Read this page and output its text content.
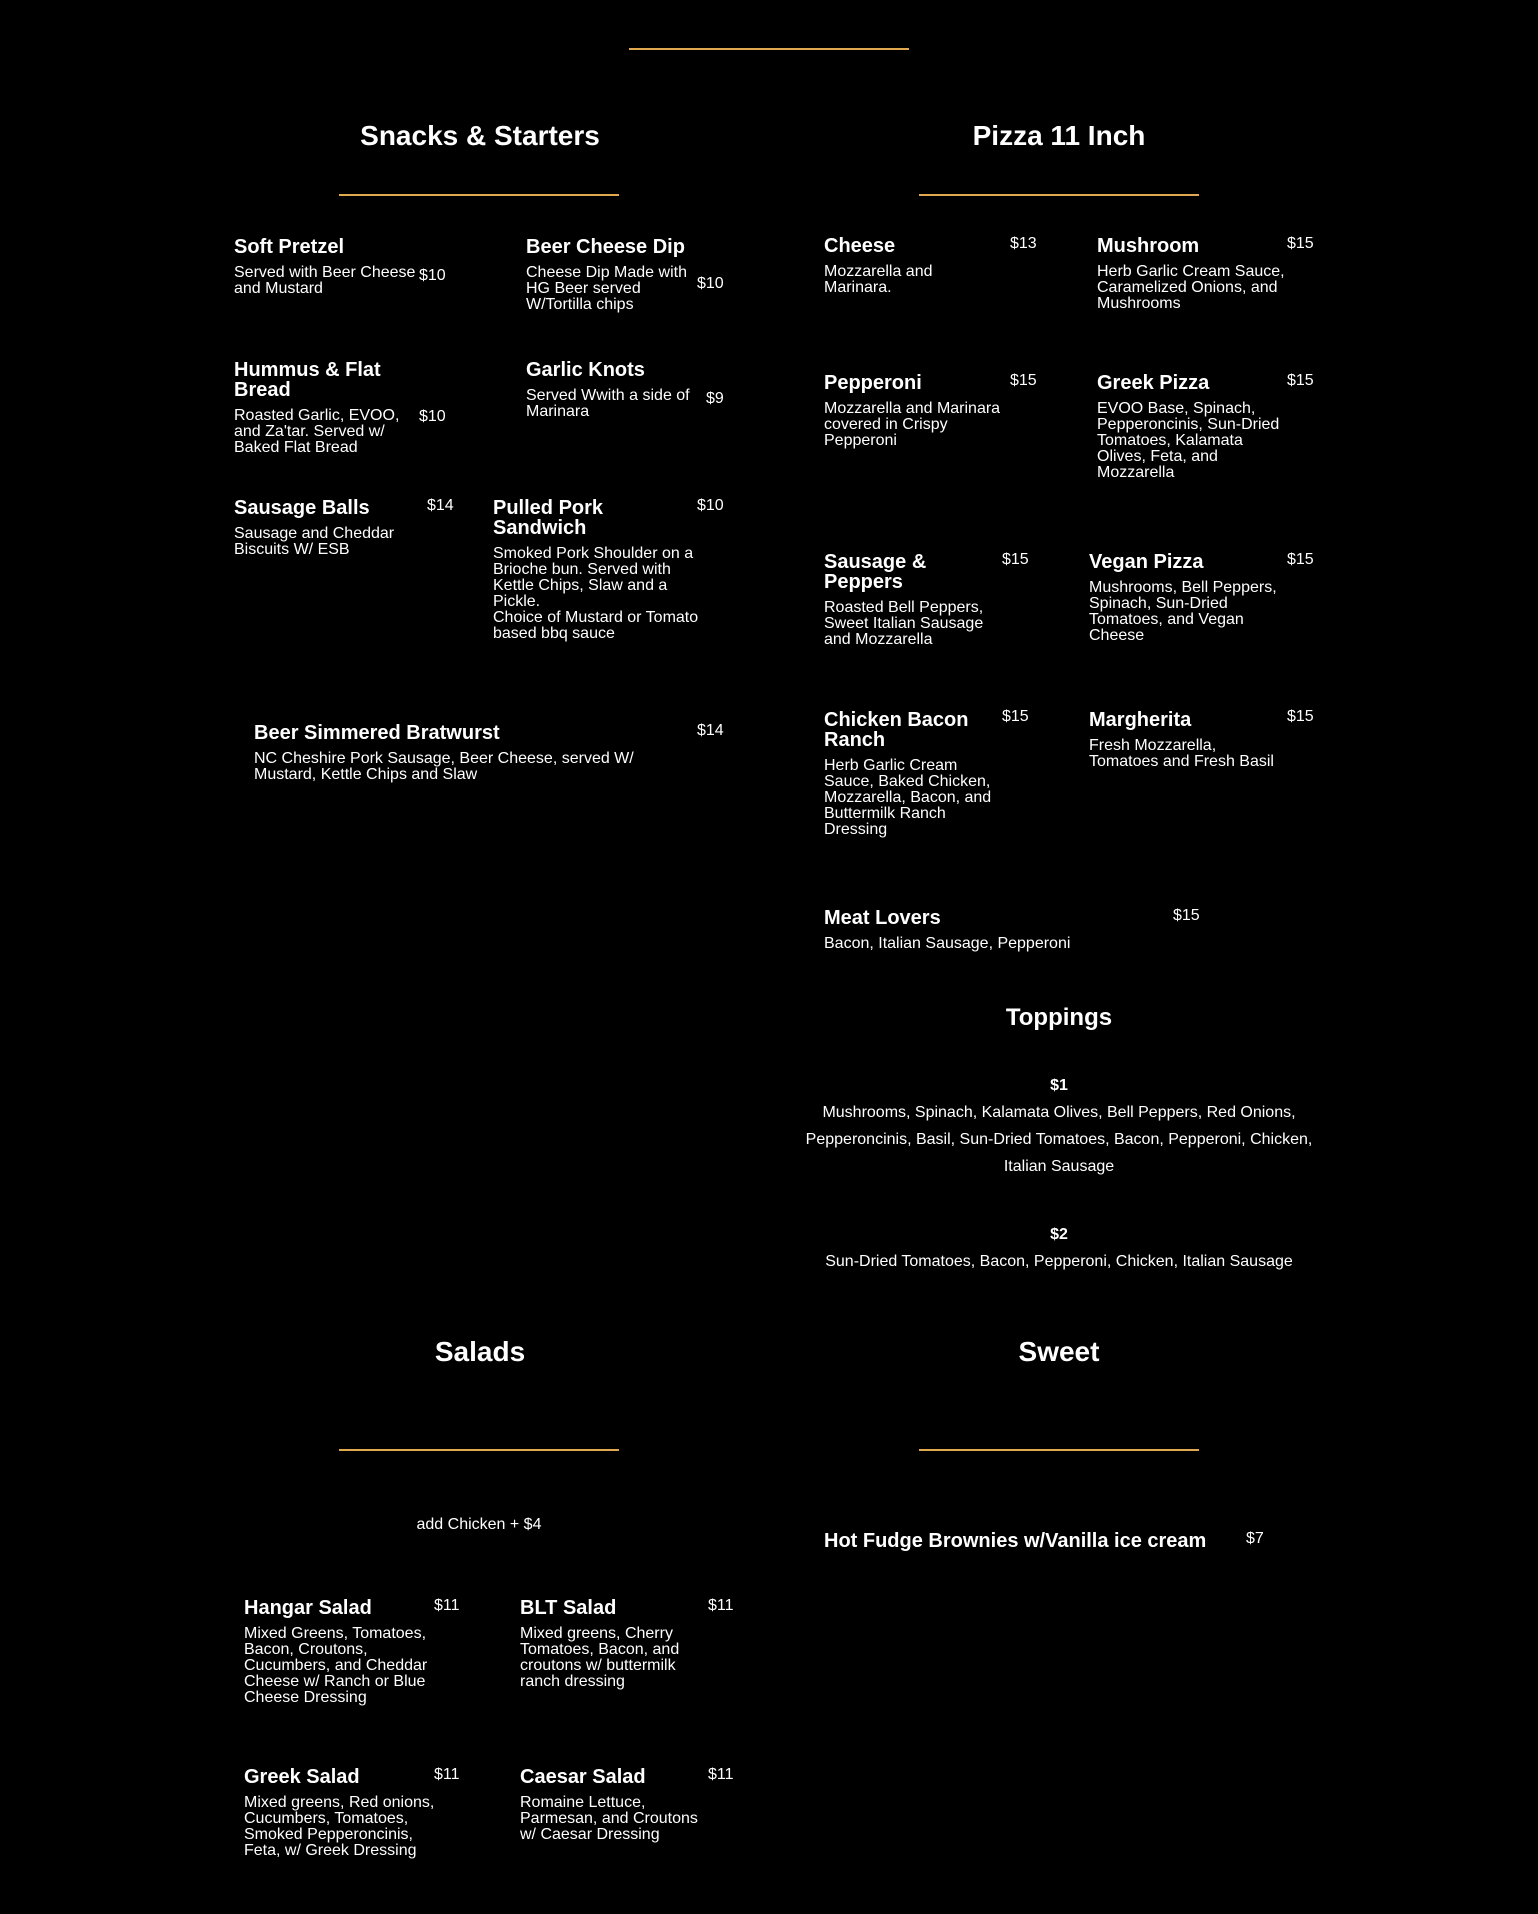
Snacks & Starters
Soft Pretzel
Served with Beer Cheese and Mustard
$10
Beer Cheese Dip
Cheese Dip Made with HG Beer served W/Tortilla chips
$10
Hummus & Flat Bread
Roasted Garlic, EVOO, and Za'tar. Served w/ Baked Flat Bread
$10
Garlic Knots
Served Wwith a side of Marinara
$9
Sausage Balls
Sausage and Cheddar Biscuits W/ ESB
$14 Pulled Pork Sandwich
Smoked Pork Shoulder on a Brioche bun. Served with Kettle Chips, Slaw and a Pickle.
Choice of Mustard or Tomato based bbq sauce
$10
Beer Simmered Bratwurst
NC Cheshire Pork Sausage, Beer Cheese, served W/ Mustard, Kettle Chips and Slaw
$14
Pizza 11 Inch
Cheese
Mozzarella and Marinara.
$13	Mushroom
Herb Garlic Cream Sauce, Caramelized Onions, and Mushrooms
$15
Pepperoni
Mozzarella and Marinara covered in Crispy Pepperoni
$15	Greek Pizza
EVOO Base, Spinach, Pepperoncinis, Sun-Dried Tomatoes, Kalamata Olives, Feta, and Mozzarella
$15
Sausage & Peppers
Roasted Bell Peppers, Sweet Italian Sausage and Mozzarella
$15	Vegan Pizza
Mushrooms, Bell Peppers, Spinach, Sun-Dried Tomatoes, and Vegan Cheese
$15
Chicken Bacon Ranch
Herb Garlic Cream Sauce, Baked Chicken, Mozzarella, Bacon, and Buttermilk Ranch Dressing
$15	Margherita
Fresh Mozzarella, Tomatoes and Fresh Basil
$15
Meat Lovers
Bacon, Italian Sausage, Pepperoni
$15
Toppings
$1
Mushrooms, Spinach, Kalamata Olives, Bell Peppers, Red Onions, Pepperoncinis, Basil, Sun-Dried Tomatoes, Bacon, Pepperoni, Chicken, Italian Sausage
$2
Sun-Dried Tomatoes, Bacon, Pepperoni, Chicken, Italian Sausage
Salads
add Chicken + $4
Hangar Salad
Mixed Greens, Tomatoes, Bacon, Croutons, Cucumbers, and Cheddar Cheese w/ Ranch or Blue Cheese Dressing
$11	BLT Salad
Mixed greens, Cherry Tomatoes, Bacon, and croutons w/ buttermilk ranch dressing
$11
Greek Salad
Mixed greens, Red onions, Cucumbers, Tomatoes, Smoked Pepperoncinis, Feta, w/ Greek Dressing
$11	Caesar Salad
Romaine Lettuce, Parmesan, and Croutons w/ Caesar Dressing
$11
Sweet
Hot Fudge Brownies w/Vanilla ice cream	$7
